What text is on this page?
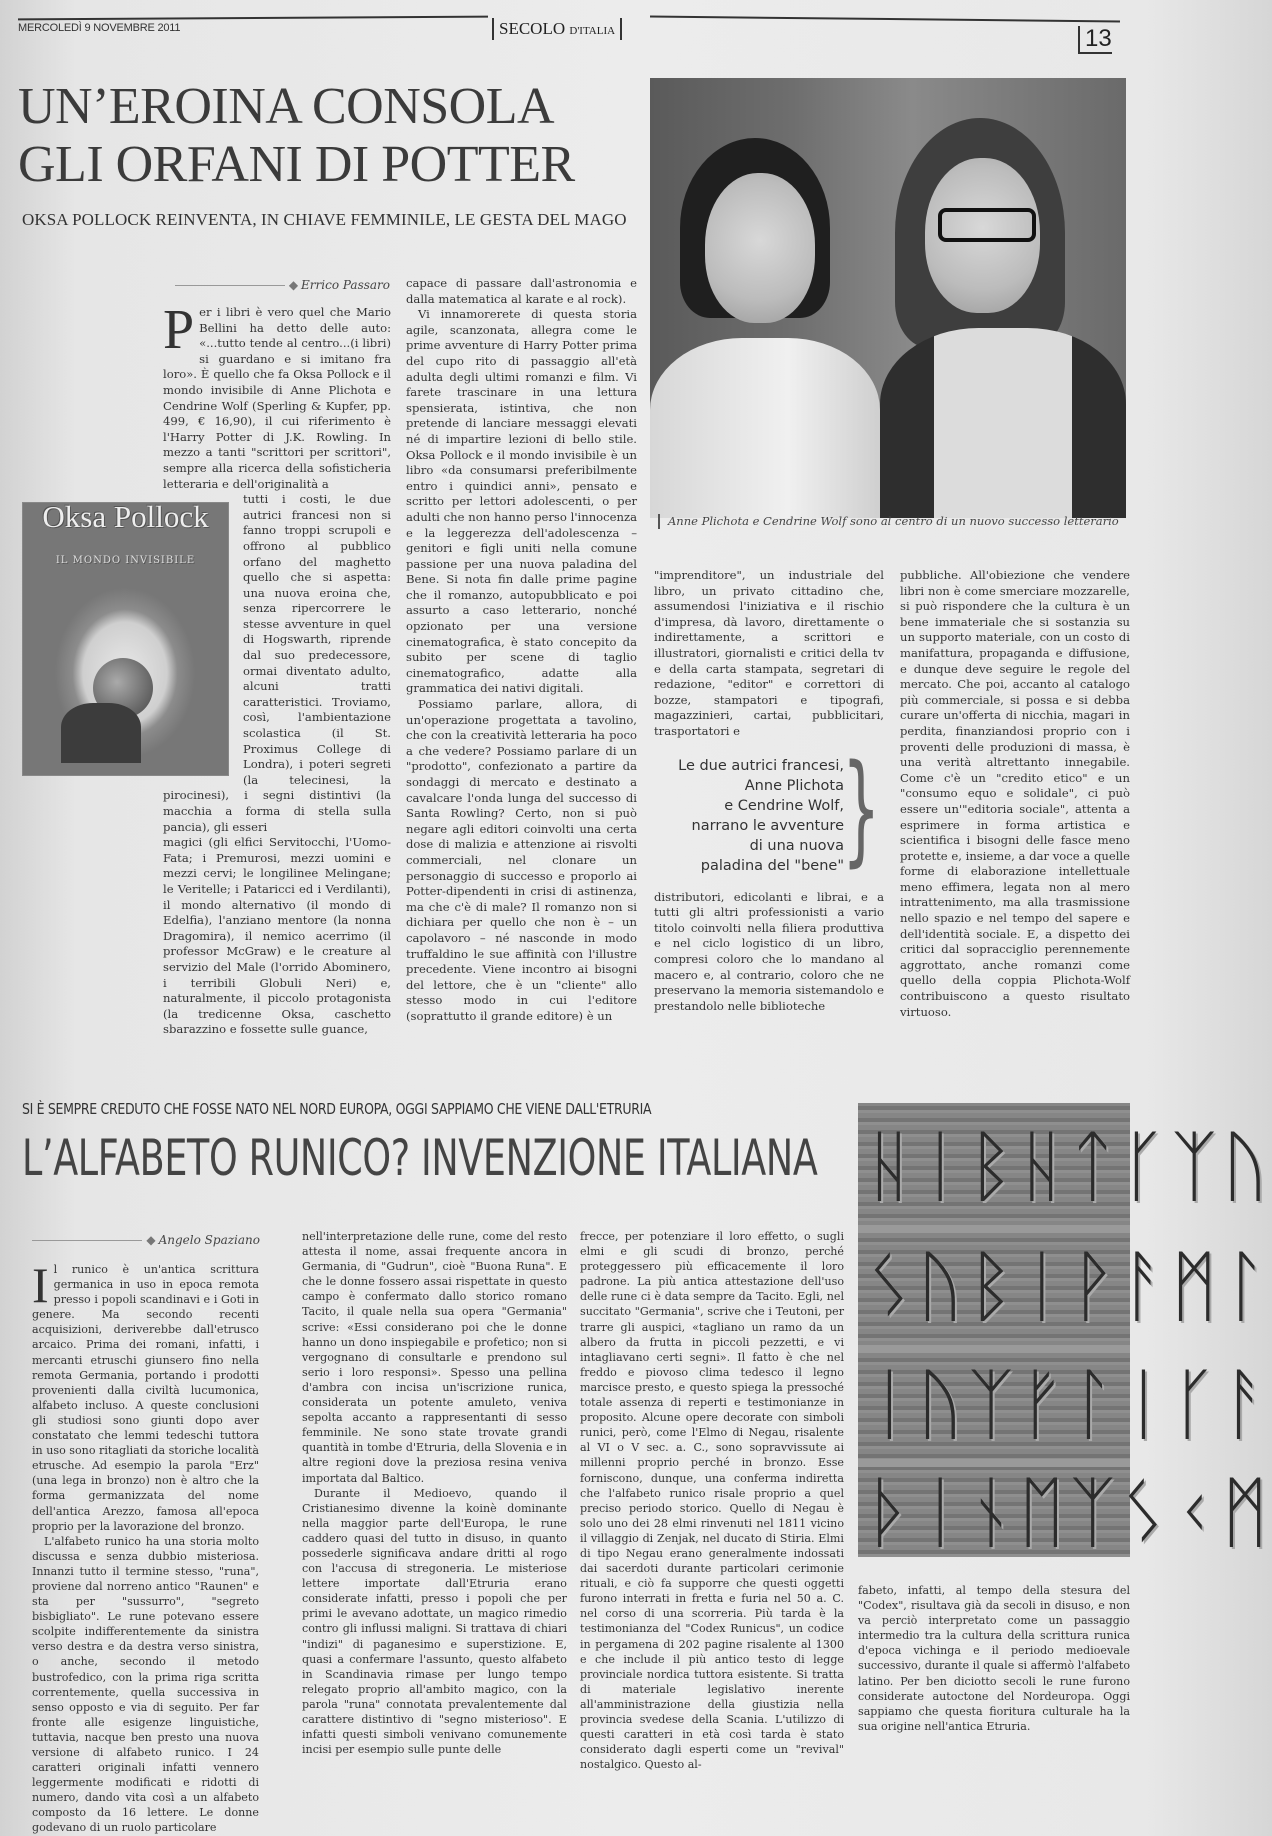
MERCOLEDÌ 9 NOVEMBRE 2011	SECOLO D'ITALIA	13
UN’EROINA CONSOLA
GLI ORFANI DI POTTER
OKSA POLLOCK REINVENTA, IN CHIAVE FEMMINILE, LE GESTA DEL MAGO
Anne Plichota e Cendrine Wolf sono al centro di un nuovo successo letterario
◆ Errico Passaro

Per i libri è vero quel che Mario Bellini ha detto delle auto: «...tutto tende al centro...(i libri) si guardano e si imitano fra loro». È quello che fa Oksa Pollock e il mondo invisibile di Anne Plichota e Cendrine Wolf (Sperling & Kupfer, pp. 499, € 16,90), il cui riferimento è l'Harry Potter di J.K. Rowling. In mezzo a tanti "scrittori per scrittori", sempre alla ricerca della sofisticheria letteraria e dell'originalità a

Oksa Pollock
IL MONDO INVISIBILE

tutti i costi, le due autrici francesi non si fanno troppi scrupoli e offrono al pubblico orfano del maghetto quello che si aspetta: una nuova eroina che, senza ripercorrere le stesse avventure in quel di Hogswarth, riprende dal suo predecessore, ormai diventato adulto, alcuni tratti caratteristici. Troviamo, così, l'ambientazione scolastica (il St. Proximus College di Londra), i poteri segreti (la telecinesi, la pirocinesi), i segni distintivi (la macchia a forma di stella sulla pancia), gli esseri

magici (gli elfici Servitocchi, l'Uomo-Fata; i Premurosi, mezzi uomini e mezzi cervi; le longilinee Melingane; le Veritelle; i Pataricci ed i Verdilanti), il mondo alternativo (il mondo di Edelfia), l'anziano mentore (la nonna Dragomira), il nemico acerrimo (il professor McGraw) e le creature al servizio del Male (l'orrido Abominero, i terribili Globuli Neri) e, naturalmente, il piccolo protagonista (la tredicenne Oksa, caschetto sbarazzino e fossette sulle guance,

capace di passare dall'astronomia e dalla matematica al karate e al rock).

Vi innamorerete di questa storia agile, scanzonata, allegra come le prime avventure di Harry Potter prima del cupo rito di passaggio all'età adulta degli ultimi romanzi e film. Vi farete trascinare in una lettura spensierata, istintiva, che non pretende di lanciare messaggi elevati né di impartire lezioni di bello stile. Oksa Pollock e il mondo invisibile è un libro «da consumarsi preferibilmente entro i quindici anni», pensato e scritto per lettori adolescenti, o per adulti che non hanno perso l'innocenza e la leggerezza dell'adolescenza – genitori e figli uniti nella comune passione per una nuova paladina del Bene. Si nota fin dalle prime pagine che il romanzo, autopubblicato e poi assurto a caso letterario, nonché opzionato per una versione cinematografica, è stato concepito da subito per scene di taglio cinematografico, adatte alla grammatica dei nativi digitali.

Possiamo parlare, allora, di un'operazione progettata a tavolino, che con la creatività letteraria ha poco a che vedere? Possiamo parlare di un "prodotto", confezionato a partire da sondaggi di mercato e destinato a cavalcare l'onda lunga del successo di Santa Rowling? Certo, non si può negare agli editori coinvolti una certa dose di malizia e attenzione ai risvolti commerciali, nel clonare un personaggio di successo e proporlo ai Potter-dipendenti in crisi di astinenza, ma che c'è di male? Il romanzo non si dichiara per quello che non è – un capolavoro – né nasconde in modo truffaldino le sue affinità con l'illustre precedente. Viene incontro ai bisogni del lettore, che è un "cliente" allo stesso modo in cui l'editore (soprattutto il grande editore) è un

"imprenditore", un industriale del libro, un privato cittadino che, assumendosi l'iniziativa e il rischio d'impresa, dà lavoro, direttamente o indirettamente, a scrittori e illustratori, giornalisti e critici della tv e della carta stampata, segretari di redazione, "editor" e correttori di bozze, stampatori e tipografi, magazzinieri, cartai, pubblicitari, trasportatori e

Le due autrici francesi,
Anne Plichota
e Cendrine Wolf,
narrano le avventure
di una nuova
paladina del "bene"
}

distributori, edicolanti e librai, e a tutti gli altri professionisti a vario titolo coinvolti nella filiera produttiva e nel ciclo logistico di un libro, compresi coloro che lo mandano al macero e, al contrario, coloro che ne preservano la memoria sistemandolo e prestandolo nelle biblioteche

pubbliche. All'obiezione che vendere libri non è come smerciare mozzarelle, si può rispondere che la cultura è un bene immateriale che si sostanzia su un supporto materiale, con un costo di manifattura, propaganda e diffusione, e dunque deve seguire le regole del mercato. Che poi, accanto al catalogo più commerciale, si possa e si debba curare un'offerta di nicchia, magari in perdita, finanziandosi proprio con i proventi delle produzioni di massa, è una verità altrettanto innegabile. Come c'è un "credito etico" e un "consumo equo e solidale", ci può essere un'"editoria sociale", attenta a esprimere in forma artistica e scientifica i bisogni delle fasce meno protette e, insieme, a dar voce a quelle forme di elaborazione intellettuale meno effimera, legata non al mero intrattenimento, ma alla trasmissione nello spazio e nel tempo del sapere e dell'identità sociale. E, a dispetto dei critici dal sopracciglio perennemente aggrottato, anche romanzi come quello della coppia Plichota-Wolf contribuiscono a questo risultato virtuoso.

SI È SEMPRE CREDUTO CHE FOSSE NATO NEL NORD EUROPA, OGGI SAPPIAMO CHE VIENE DALL'ETRURIA
L’ALFABETO RUNICO? INVENZIONE ITALIANA
◆ Angelo Spaziano

Il runico è un'antica scrittura germanica in uso in epoca remota presso i popoli scandinavi e i Goti in genere. Ma secondo recenti acquisizioni, deriverebbe dall'etrusco arcaico. Prima dei romani, infatti, i mercanti etruschi giunsero fino nella remota Germania, portando i prodotti provenienti dalla civiltà lucumonica, alfabeto incluso. A queste conclusioni gli studiosi sono giunti dopo aver constatato che lemmi tedeschi tuttora in uso sono ritagliati da storiche località etrusche. Ad esempio la parola "Erz" (una lega in bronzo) non è altro che la forma germanizzata del nome dell'antica Arezzo, famosa all'epoca proprio per la lavorazione del bronzo.

L'alfabeto runico ha una storia molto discussa e senza dubbio misteriosa. Innanzi tutto il termine stesso, "runa", proviene dal norreno antico "Raunen" e sta per "sussurro", "segreto bisbigliato". Le rune potevano essere scolpite indifferentemente da sinistra verso destra e da destra verso sinistra, o anche, secondo il metodo bustrofedico, con la prima riga scritta correntemente, quella successiva in senso opposto e via di seguito. Per far fronte alle esigenze linguistiche, tuttavia, nacque ben presto una nuova versione di alfabeto runico. I 24 caratteri originali infatti vennero leggermente modificati e ridotti di numero, dando vita così a un alfabeto composto da 16 lettere. Le donne godevano di un ruolo particolare

nell'interpretazione delle rune, come del resto attesta il nome, assai frequente ancora in Germania, di "Gudrun", cioè "Buona Runa". E che le donne fossero assai rispettate in questo campo è confermato dallo storico romano Tacito, il quale nella sua opera "Germania" scrive: «Essi considerano poi che le donne hanno un dono inspiegabile e profetico; non si vergognano di consultarle e prendono sul serio i loro responsi». Spesso una pellina d'ambra con incisa un'iscrizione runica, considerata un potente amuleto, veniva sepolta accanto a rappresentanti di sesso femminile. Ne sono state trovate grandi quantità in tombe d'Etruria, della Slovenia e in altre regioni dove la preziosa resina veniva importata dal Baltico.

Durante il Medioevo, quando il Cristianesimo divenne la koinè dominante nella maggior parte dell'Europa, le rune caddero quasi del tutto in disuso, in quanto possederle significava andare dritti al rogo con l'accusa di stregoneria. Le misteriose lettere importate dall'Etruria erano considerate infatti, presso i popoli che per primi le avevano adottate, un magico rimedio contro gli influssi maligni. Si trattava di chiari "indizi" di paganesimo e superstizione. E, quasi a confermare l'assunto, questo alfabeto in Scandinavia rimase per lungo tempo relegato proprio all'ambito magico, con la parola "runa" connotata prevalentemente dal carattere distintivo di "segno misterioso". E infatti questi simboli venivano comunemente incisi per esempio sulle punte delle

frecce, per potenziare il loro effetto, o sugli elmi e gli scudi di bronzo, perché proteggessero più efficacemente il loro padrone. La più antica attestazione dell'uso delle rune ci è data sempre da Tacito. Egli, nel succitato "Germania", scrive che i Teutoni, per trarre gli auspici, «tagliano un ramo da un albero da frutta in piccoli pezzetti, e vi intagliavano certi segni». Il fatto è che nel freddo e piovoso clima tedesco il legno marcisce presto, e questo spiega la pressoché totale assenza di reperti e testimonianze in proposito. Alcune opere decorate con simboli runici, però, come l'Elmo di Negau, risalente al VI o V sec. a. C., sono sopravvissute ai millenni proprio perché in bronzo. Esse forniscono, dunque, una conferma indiretta che l'alfabeto runico risale proprio a quel preciso periodo storico. Quello di Negau è solo uno dei 28 elmi rinvenuti nel 1811 vicino il villaggio di Zenjak, nel ducato di Stiria. Elmi di tipo Negau erano generalmente indossati dai sacerdoti durante particolari cerimonie rituali, e ciò fa supporre che questi oggetti furono interrati in fretta e furia nel 50 a. C. nel corso di una scorreria. Più tarda è la testimonianza del "Codex Runicus", un codice in pergamena di 202 pagine risalente al 1300 e che include il più antico testo di legge provinciale nordica tuttora esistente. Si tratta di materiale legislativo inerente all'amministrazione della giustizia nella provincia svedese della Scania. L'utilizzo di questi caratteri in età così tarda è stato considerato dagli esperti come un "revival" nostalgico. Questo al-

ᚺᛁᛒᚺᛏᚴᛉᚢ
ᛊᚢᛒᛁᚹᚨᛗᛚ
ᛁᚢᛉᚠᛚᛁᚴᚨ
ᚦᛁᚾᛖᛉᛊᚲᛗ

fabeto, infatti, al tempo della stesura del "Codex", risultava già da secoli in disuso, e non va perciò interpretato come un passaggio intermedio tra la cultura della scrittura runica d'epoca vichinga e il periodo medioevale successivo, durante il quale si affermò l'alfabeto latino. Per ben diciotto secoli le rune furono considerate autoctone del Nordeuropa. Oggi sappiamo che questa fioritura culturale ha la sua origine nell'antica Etruria.
